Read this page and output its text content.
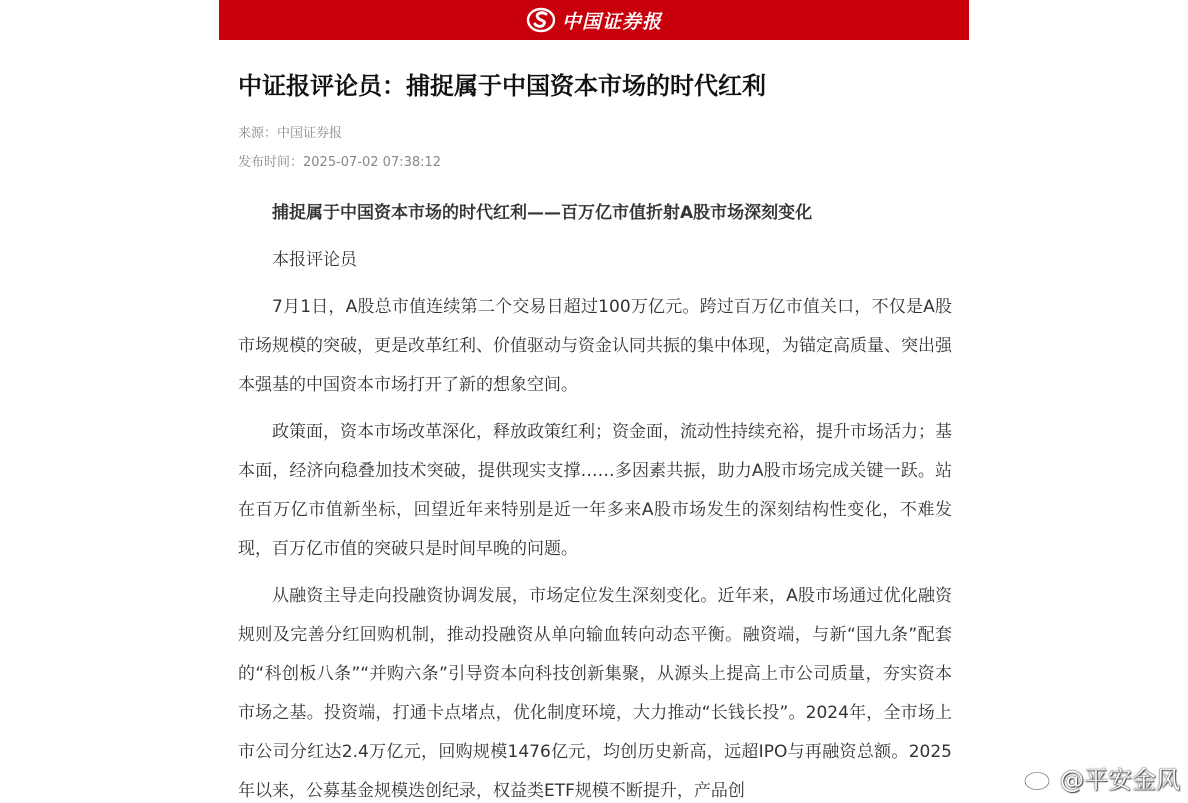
中国证券报
中证报评论员：捕捉属于中国资本市场的时代红利
来源：中国证券报
发布时间：2025-07-02 07:38:12

捕捉属于中国资本市场的时代红利——百万亿市值折射A股市场深刻变化

本报评论员

7月1日，A股总市值连续第二个交易日超过100万亿元。跨过百万亿市值关口，不仅是A股市场规模的突破，更是改革红利、价值驱动与资金认同共振的集中体现，为锚定高质量、突出强本强基的中国资本市场打开了新的想象空间。

政策面，资本市场改革深化，释放政策红利；资金面，流动性持续充裕，提升市场活力；基本面，经济向稳叠加技术突破，提供现实支撑……多因素共振，助力A股市场完成关键一跃。站在百万亿市值新坐标，回望近年来特别是近一年多来A股市场发生的深刻结构性变化，不难发现，百万亿市值的突破只是时间早晚的问题。

从融资主导走向投融资协调发展，市场定位发生深刻变化。近年来，A股市场通过优化融资规则及完善分红回购机制，推动投融资从单向输血转向动态平衡。融资端，与新“国九条”配套的“科创板八条”“并购六条”引导资本向科技创新集聚，从源头上提高上市公司质量，夯实资本市场之基。投资端，打通卡点堵点，优化制度环境，大力推动“长钱长投”。2024年，全市场上市公司分红达2.4万亿元，回购规模1476亿元，均创历史新高，远超IPO与再融资总额。2025年以来，公募基金规模迭创纪录，权益类ETF规模不断提升，产品创	@平安金风
